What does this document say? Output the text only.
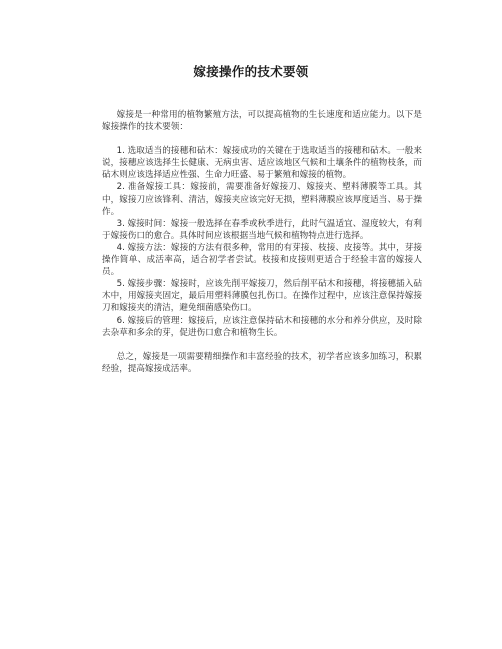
嫁接操作的技术要领

嫁接是一种常用的植物繁殖方法，可以提高植物的生长速度和适应能力。以下是嫁接操作的技术要领：

1. 选取适当的接穗和砧木：嫁接成功的关键在于选取适当的接穗和砧木。一般来说，接穗应该选择生长健康、无病虫害、适应该地区气候和土壤条件的植物枝条，而砧木则应该选择适应性强、生命力旺盛、易于繁殖和嫁接的植物。

2. 准备嫁接工具：嫁接前，需要准备好嫁接刀、嫁接夹、塑料薄膜等工具。其中，嫁接刀应该锋利、清洁，嫁接夹应该完好无损，塑料薄膜应该厚度适当、易于操作。

3. 嫁接时间：嫁接一般选择在春季或秋季进行，此时气温适宜、湿度较大，有利于嫁接伤口的愈合。具体时间应该根据当地气候和植物特点进行选择。

4. 嫁接方法：嫁接的方法有很多种，常用的有芽接、枝接、皮接等。其中，芽接操作简单、成活率高，适合初学者尝试。枝接和皮接则更适合于经验丰富的嫁接人员。

5. 嫁接步骤：嫁接时，应该先削平嫁接刀，然后削平砧木和接穗，将接穗插入砧木中，用嫁接夹固定，最后用塑料薄膜包扎伤口。在操作过程中，应该注意保持嫁接刀和嫁接夹的清洁，避免细菌感染伤口。

6. 嫁接后的管理：嫁接后，应该注意保持砧木和接穗的水分和养分供应，及时除去杂草和多余的芽，促进伤口愈合和植物生长。

总之，嫁接是一项需要精细操作和丰富经验的技术，初学者应该多加练习，积累经验，提高嫁接成活率。
